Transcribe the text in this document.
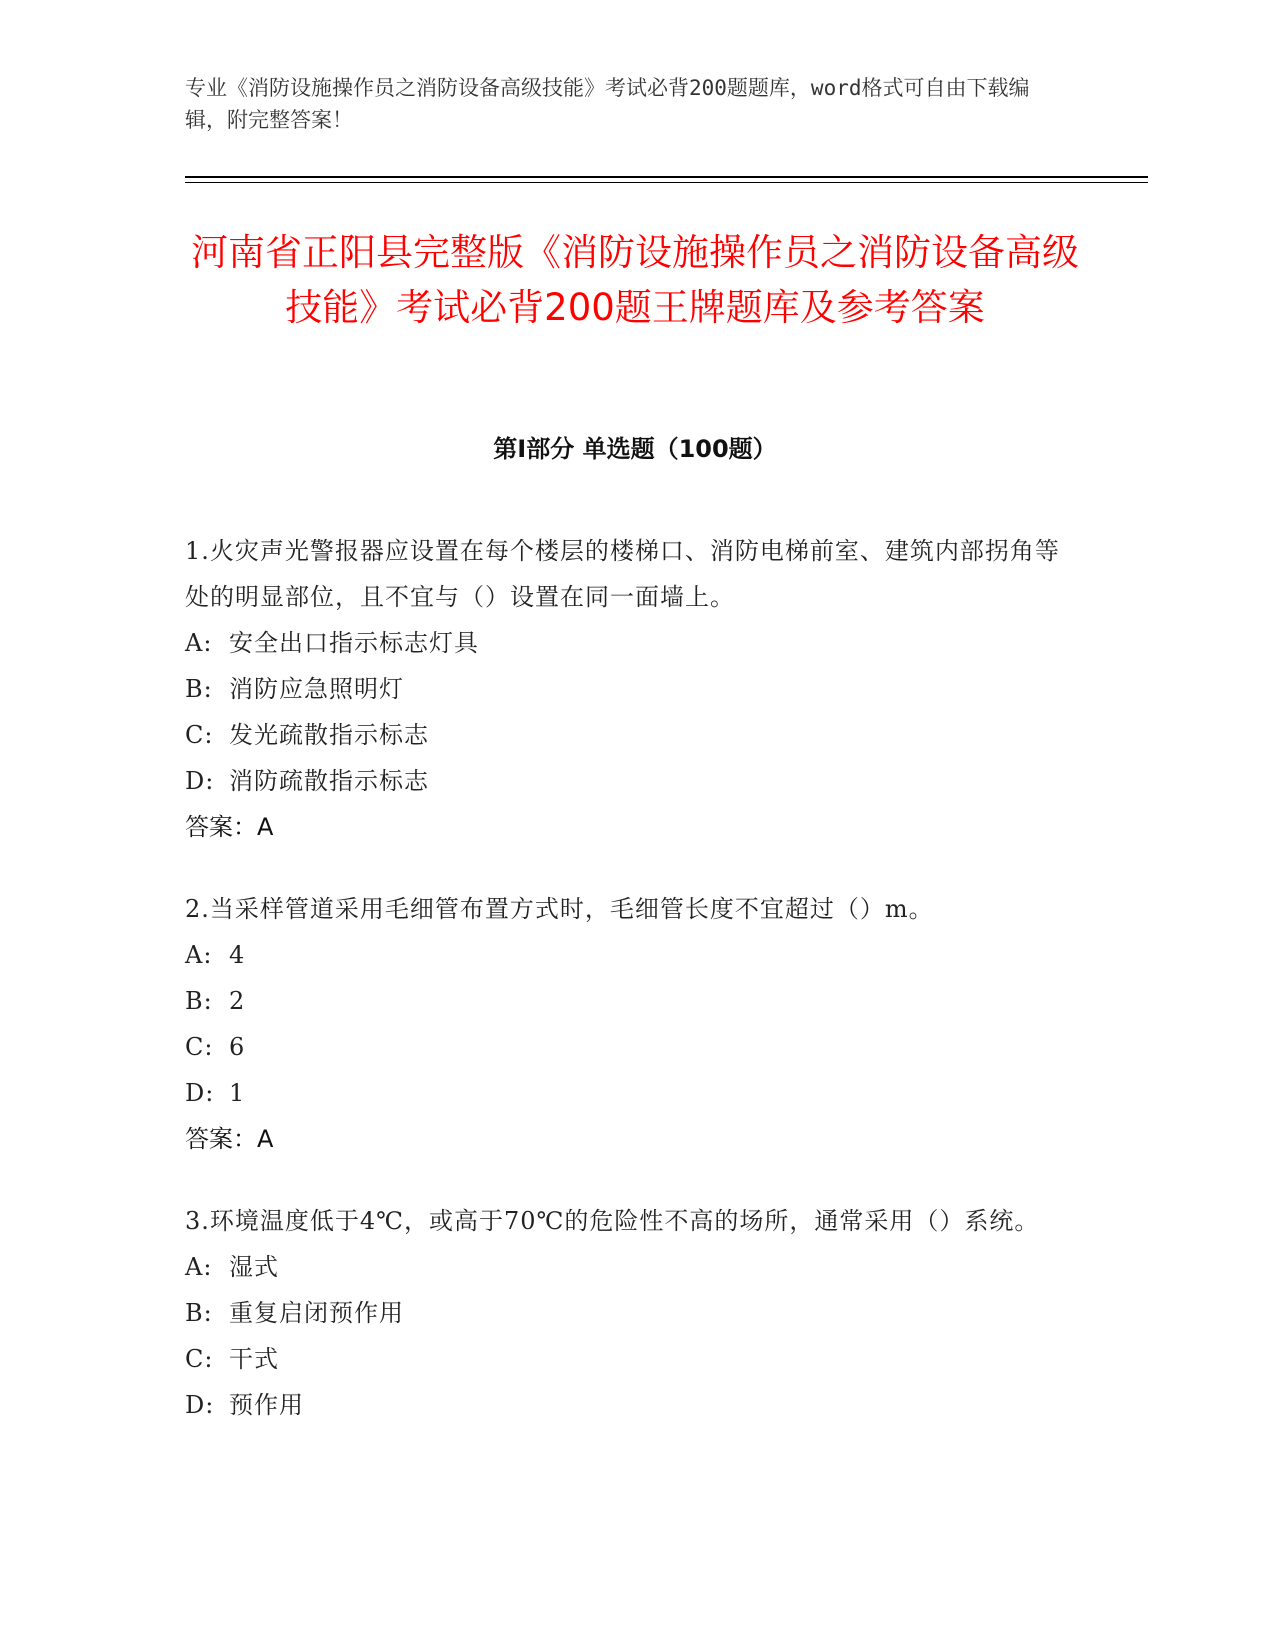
专业《消防设施操作员之消防设备高级技能》考试必背200题题库，word格式可自由下载编辑，附完整答案！
河南省正阳县完整版《消防设施操作员之消防设备高级技能》考试必背200题王牌题库及参考答案
第Ⅰ部分 单选题（100题）

1.火灾声光警报器应设置在每个楼层的楼梯口、消防电梯前室、建筑内部拐角等处的明显部位，且不宜与（）设置在同一面墙上。

A: 安全出口指示标志灯具

B: 消防应急照明灯

C: 发光疏散指示标志

D: 消防疏散指示标志

答案：A

2.当采样管道采用毛细管布置方式时，毛细管长度不宜超过（）m。

A: 4

B: 2

C: 6

D: 1

答案：A

3.环境温度低于4℃，或高于70℃的危险性不高的场所，通常采用（）系统。

A: 湿式

B: 重复启闭预作用

C: 干式

D: 预作用
